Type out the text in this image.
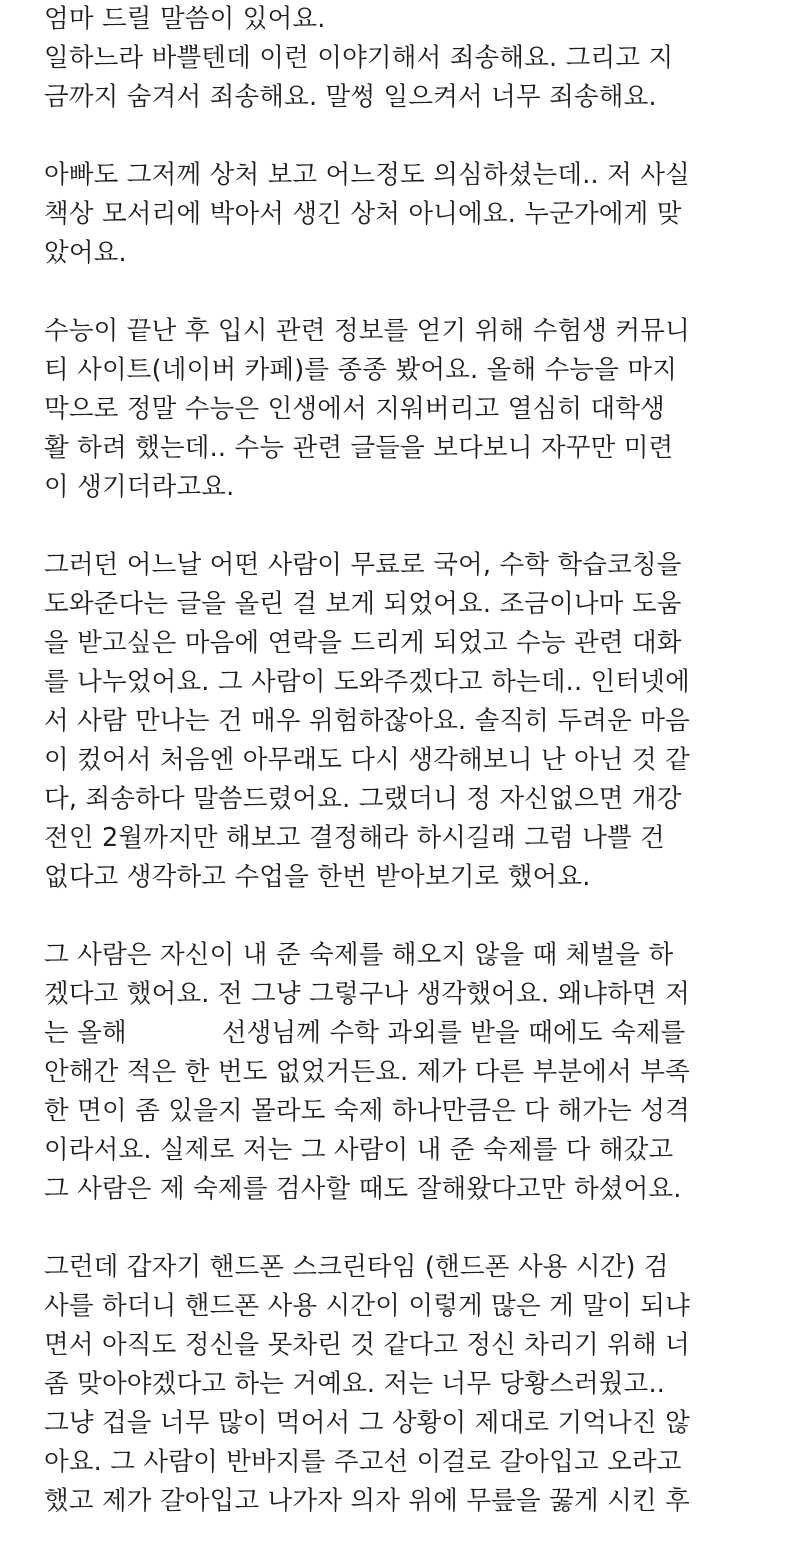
엄마 드릴 말씀이 있어요.
일하느라 바쁠텐데 이런 이야기해서 죄송해요. 그리고 지
금까지 숨겨서 죄송해요. 말썽 일으켜서 너무 죄송해요.
아빠도 그저께 상처 보고 어느정도 의심하셨는데.. 저 사실
책상 모서리에 박아서 생긴 상처 아니에요. 누군가에게 맞
았어요.
수능이 끝난 후 입시 관련 정보를 얻기 위해 수험생 커뮤니
티 사이트(네이버 카페)를 종종 봤어요. 올해 수능을 마지
막으로 정말 수능은 인생에서 지워버리고 열심히 대학생
활 하려 했는데.. 수능 관련 글들을 보다보니 자꾸만 미련
이 생기더라고요.
그러던 어느날 어떤 사람이 무료로 국어, 수학 학습코칭을
도와준다는 글을 올린 걸 보게 되었어요. 조금이나마 도움
을 받고싶은 마음에 연락을 드리게 되었고 수능 관련 대화
를 나누었어요. 그 사람이 도와주겠다고 하는데.. 인터넷에
서 사람 만나는 건 매우 위험하잖아요. 솔직히 두려운 마음
이 컸어서 처음엔 아무래도 다시 생각해보니 난 아닌 것 같
다, 죄송하다 말씀드렸어요. 그랬더니 정 자신없으면 개강
전인 2월까지만 해보고 결정해라 하시길래 그럼 나쁠 건
없다고 생각하고 수업을 한번 받아보기로 했어요.
그 사람은 자신이 내 준 숙제를 해오지 않을 때 체벌을 하
겠다고 했어요. 전 그냥 그렇구나 생각했어요. 왜냐하면 저
는 올해	선생님께 수학 과외를 받을 때에도 숙제를
안해간 적은 한 번도 없었거든요. 제가 다른 부분에서 부족
한 면이 좀 있을지 몰라도 숙제 하나만큼은 다 해가는 성격
이라서요. 실제로 저는 그 사람이 내 준 숙제를 다 해갔고
그 사람은 제 숙제를 검사할 때도 잘해왔다고만 하셨어요.
그런데 갑자기 핸드폰 스크린타임 (핸드폰 사용 시간) 검
사를 하더니 핸드폰 사용 시간이 이렇게 많은 게 말이 되냐
면서 아직도 정신을 못차린 것 같다고 정신 차리기 위해 너
좀 맞아야겠다고 하는 거예요. 저는 너무 당황스러웠고..
그냥 겁을 너무 많이 먹어서 그 상황이 제대로 기억나진 않
아요. 그 사람이 반바지를 주고선 이걸로 갈아입고 오라고
했고 제가 갈아입고 나가자 의자 위에 무릎을 꿇게 시킨 후
